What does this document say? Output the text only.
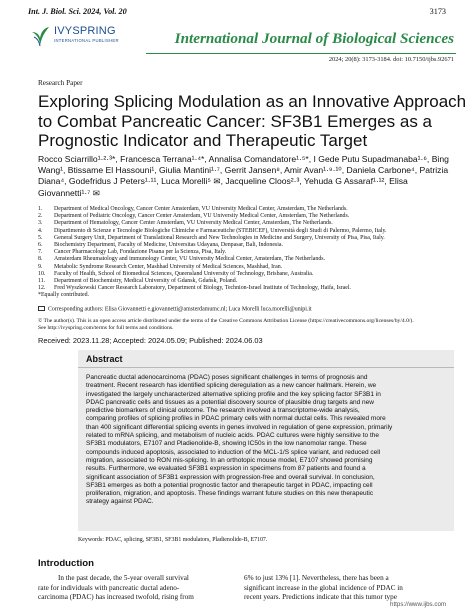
Int. J. Biol. Sci. 2024, Vol. 20	3173
IVYSPRING
INTERNATIONAL PUBLISHER	International Journal of Biological Sciences
2024; 20(8): 3173-3184. doi: 10.7150/ijbs.92671
Research Paper
Exploring Splicing Modulation as an Innovative Approach
to Combat Pancreatic Cancer: SF3B1 Emerges as a
Prognostic Indicator and Therapeutic Target
Rocco Sciarrillo¹·²·³*, Francesca Terrana¹·⁴*, Annalisa Comandatore¹·⁵*, I Gede Putu Supadmanaba¹·⁶, Bing
Wang¹, Btissame El Hassouni¹, Giulia Mantini¹·⁷, Gerrit Jansen⁸, Amir Avan¹·⁹·¹⁰, Daniela Carbone⁴, Patrizia
Diana⁴, Godefridus J Peters¹·¹¹, Luca Morelli⁵ ✉, Jacqueline Cloos²·³, Yehuda G Assaraf¹·¹², Elisa
Giovannetti¹·⁷ ✉
1.	Department of Medical Oncology, Cancer Center Amsterdam, VU University Medical Center, Amsterdam, The Netherlands.
2.	Department of Pediatric Oncology, Cancer Center Amsterdam, VU University Medical Center, Amsterdam, The Netherlands.
3.	Department of Hematology, Cancer Center Amsterdam, VU University Medical Center, Amsterdam, The Netherlands.
4.	Dipartimento di Scienze e Tecnologie Biologiche Chimiche e Farmaceutiche (STEBICEF), Università degli Studi di Palermo, Palermo, Italy.
5.	General Surgery Unit, Department of Translational Research and New Technologies in Medicine and Surgery, University of Pisa, Pisa, Italy.
6.	Biochemistry Department, Faculty of Medicine, Universitas Udayana, Denpasar, Bali, Indonesia.
7.	Cancer Pharmacology Lab, Fondazione Pisana per la Scienza, Pisa, Italy.
8.	Amsterdam Rheumatology and immunology Center, VU University Medical Center, Amsterdam, The Netherlands.
9.	Metabolic Syndrome Research Center, Mashhad University of Medical Sciences, Mashhad, Iran.
10.	Faculty of Health, School of Biomedical Sciences, Queensland University of Technology, Brisbane, Australia.
11.	Department of Biochemistry, Medical University of Gdansk, Gdańsk, Poland.
12.	Fred Wyszkowski Cancer Research Laboratory, Department of Biology, Technion-Israel Institute of Technology, Haifa, Israel.
*Equally contributed.
Corresponding authors: Elisa Giovannetti e.giovannetti@amsterdamumc.nl; Luca Morelli luca.morelli@unipi.it
© The author(s). This is an open access article distributed under the terms of the Creative Commons Attribution License (https://creativecommons.org/licenses/by/4.0/).
See http://ivyspring.com/terms for full terms and conditions.
Received: 2023.11.28; Accepted: 2024.05.09; Published: 2024.06.03
Abstract
Pancreatic ductal adenocarcinoma (PDAC) poses significant challenges in terms of prognosis and
treatment. Recent research has identified splicing deregulation as a new cancer hallmark. Herein, we
investigated the largely uncharacterized alternative splicing profile and the key splicing factor SF3B1 in
PDAC pancreatic cells and tissues as a potential discovery source of plausible drug targets and new
predictive biomarkers of clinical outcome. The research involved a transcriptome-wide analysis,
comparing profiles of splicing profiles in PDAC primary cells with normal ductal cells. This revealed more
than 400 significant differential splicing events in genes involved in regulation of gene expression, primarily
related to mRNA splicing, and metabolism of nucleic acids. PDAC cultures were highly sensitive to the
SF3B1 modulators, E7107 and Pladienolide-B, showing IC50s in the low nanomolar range. These
compounds induced apoptosis, associated to induction of the MCL-1/S splice variant, and reduced cell
migration, associated to RON mis-splicing. In an orthotopic mouse model, E7107 showed promising
results. Furthermore, we evaluated SF3B1 expression in specimens from 87 patients and found a
significant association of SF3B1 expression with progression-free and overall survival. In conclusion,
SF3B1 emerges as both a potential prognostic factor and therapeutic target in PDAC, impacting cell
proliferation, migration, and apoptosis. These findings warrant future studies on this new therapeutic
strategy against PDAC.
Keywords: PDAC, splicing, SF3B1, SF3B1 modulators, Pladienolide-B, E7107.
Introduction
In the past decade, the 5-year overall survival
rate for individuals with pancreatic ductal adeno-
carcinoma (PDAC) has increased twofold, rising from
6% to just 13% [1]. Nevertheless, there has been a
significant increase in the global incidence of PDAC in
recent years. Predictions indicate that this tumor type
https://www.ijbs.com
